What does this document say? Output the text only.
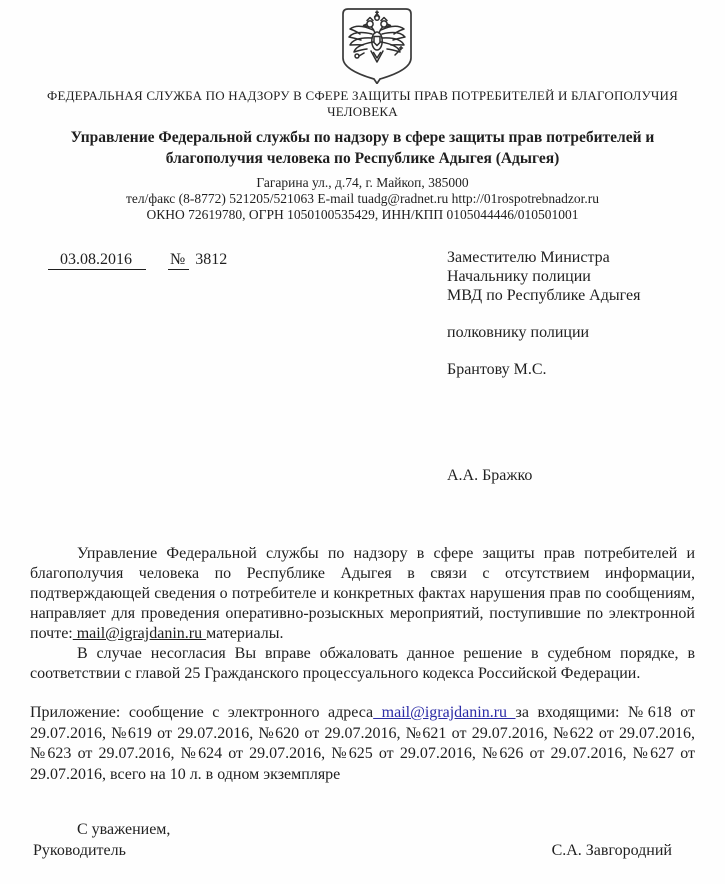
ФЕДЕРАЛЬНАЯ СЛУЖБА ПО НАДЗОРУ В СФЕРЕ ЗАЩИТЫ ПРАВ ПОТРЕБИТЕЛЕЙ И БЛАГОПОЛУЧИЯ
ЧЕЛОВЕКА
Управление Федеральной службы по надзору в сфере защиты прав потребителей и
благополучия человека по Республике Адыгея (Адыгея)
Гагарина ул., д.74, г. Майкоп, 385000
тел/факс (8-8772) 521205/521063 E-mail tuadg@radnet.ru http://01rospotrebnadzor.ru
ОКНО 72619780, ОГРН 1050100535429, ИНН/КПП 0105044446/010501001
03.08.2016 № 3812	Заместителю Министра
Начальнику полиции
МВД по Республике Адыгея
полковнику полиции
Брантову М.С.
А.А. Бражко

Управление Федеральной службы по надзору в сфере защиты прав потребителей и благополучия человека по Республике Адыгея в связи с отсутствием информации, подтверждающей сведения о потребителе и конкретных фактах нарушения прав по сообщениям, направляет для проведения оперативно-розыскных мероприятий, поступившие по электронной почте: mail@igrajdanin.ru материалы.

В случае несогласия Вы вправе обжаловать данное решение в судебном порядке, в соответствии с главой 25 Гражданского процессуального кодекса Российской Федерации.

Приложение: сообщение с электронного адреса mail@igrajdanin.ru за входящими: №618 от 29.07.2016, №619 от 29.07.2016, №620 от 29.07.2016, №621 от 29.07.2016, №622 от 29.07.2016, №623 от 29.07.2016, №624 от 29.07.2016, №625 от 29.07.2016, №626 от 29.07.2016, №627 от 29.07.2016, всего на 10 л. в одном экземпляре
С уважением,
Руководитель	С.А. Завгородний
